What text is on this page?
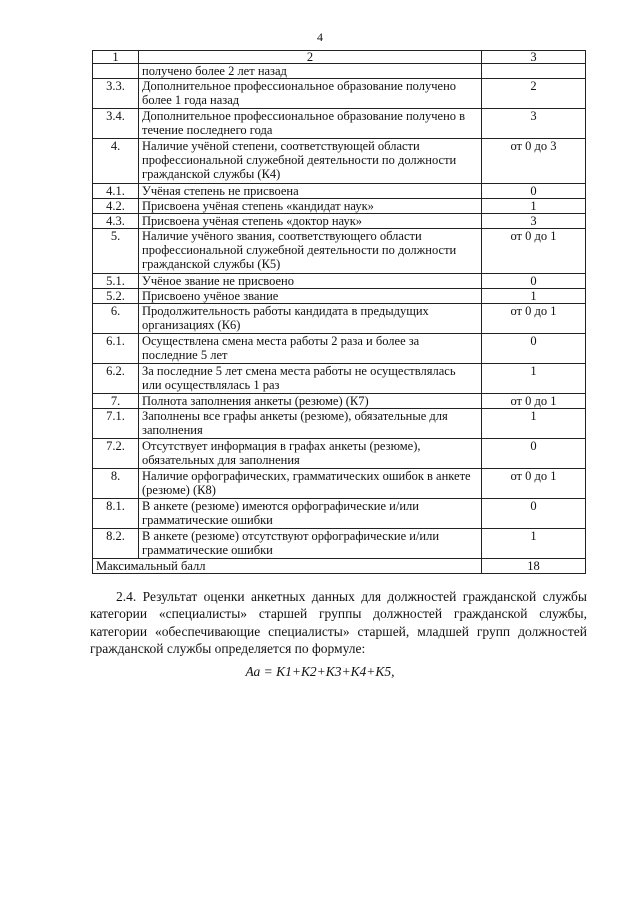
4
1	2	3
	получено более 2 лет назад	
3.3.	Дополнительное профессиональное образование получено более 1 года назад	2
3.4.	Дополнительное профессиональное образование получено в течение последнего года	3
4.	Наличие учёной степени, соответствующей области профессиональной служебной деятельности по должности гражданской службы (К4)	от 0 до 3
4.1.	Учёная степень не присвоена	0
4.2.	Присвоена учёная степень «кандидат наук»	1
4.3.	Присвоена учёная степень «доктор наук»	3
5.	Наличие учёного звания, соответствующего области профессиональной служебной деятельности по должности гражданской службы (К5)	от 0 до 1
5.1.	Учёное звание не присвоено	0
5.2.	Присвоено учёное звание	1
6.	Продолжительность работы кандидата в предыдущих организациях (К6)	от 0 до 1
6.1.	Осуществлена смена места работы 2 раза и более за последние 5 лет	0
6.2.	За последние 5 лет смена места работы не осуществлялась или осуществлялась 1 раз	1
7.	Полнота заполнения анкеты (резюме) (К7)	от 0 до 1
7.1.	Заполнены все графы анкеты (резюме), обязательные для заполнения	1
7.2.	Отсутствует информация в графах анкеты (резюме), обязательных для заполнения	0
8.	Наличие орфографических, грамматических ошибок в анкете (резюме) (К8)	от 0 до 1
8.1.	В анкете (резюме) имеются орфографические и/или грамматические ошибки	0
8.2.	В анкете (резюме) отсутствуют орфографические и/или грамматические ошибки	1
Максимальный балл		18
2.4. Результат оценки анкетных данных для должностей гражданской службы категории «специалисты» старшей группы должностей гражданской службы, категории «обеспечивающие специалисты» старшей, младшей групп должностей гражданской службы определяется по формуле:
Аа = К1+К2+К3+К4+К5,
